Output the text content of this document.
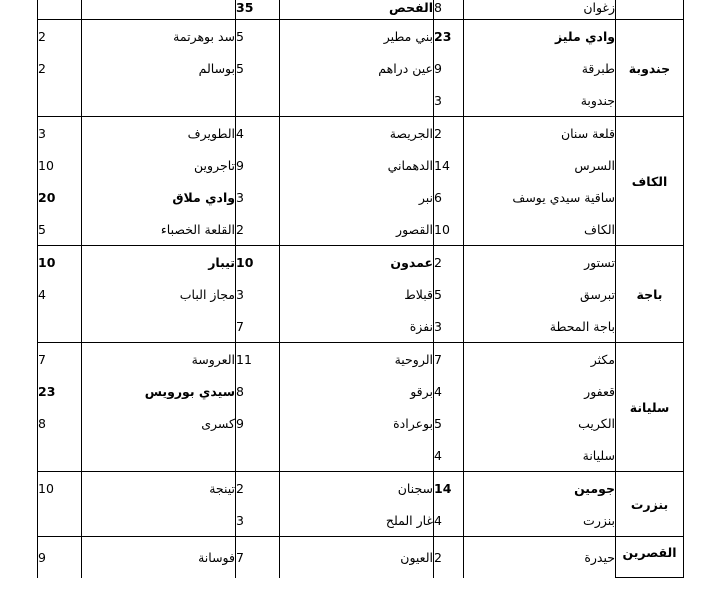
		35	الفحص	8	زغوان	
2	سد بوهرتمة	5	بني مطير	23	وادي مليز	جندوبة
2	بوسالم	5	عين دراهم	9	طبرقة	
				3	جندوبة	
3	الطويرف	4	الجريصة	2	قلعة سنان	الكاف
10	تاجروين	9	الدهماني	14	السرس	
20	وادي ملاق	3	نبر	6	ساقية سيدي يوسف	
5	القلعة الخصباء	2	القصور	10	الكاف	
10	تيبار	10	عمدون	2	تستور	باجة
4	مجاز الباب	3	قبلاط	5	تبرسق	
		7	نفزة	3	باجة المحطة	
7	العروسة	11	الروحية	7	مكثر	سليانة
23	سيدي بورويس	8	برقو	4	قعفور	
8	كسرى	9	بوعرادة	5	الكريب	
				4	سليانة	
10	تينجة	2	سجنان	14	جومين	بنزرت
		3	غار الملح	4	بنزرت	
9	فوسانة	7	العيون	2	حيدرة	القصرين
